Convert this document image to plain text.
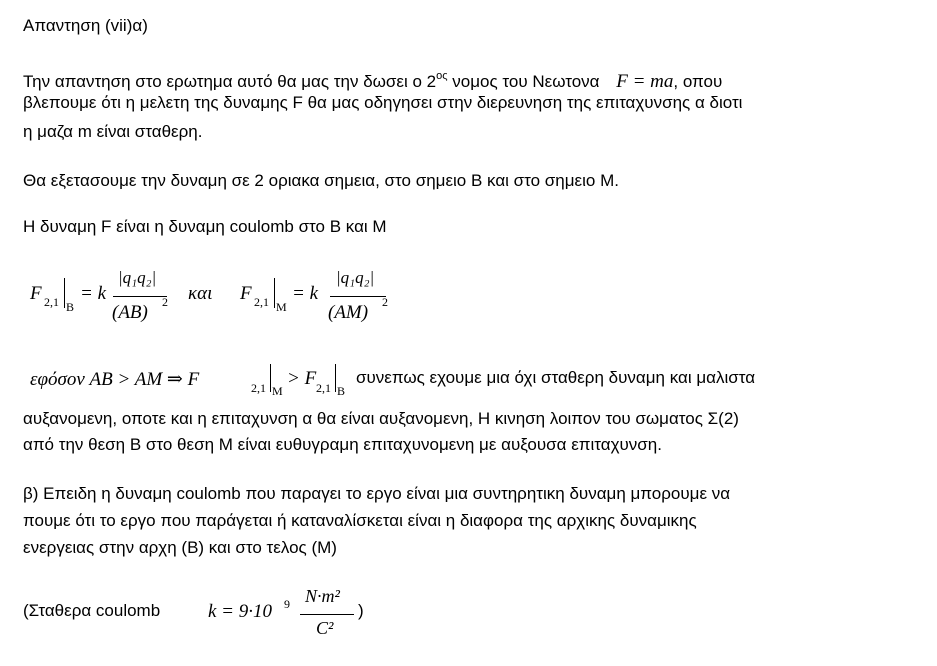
Απαντηση (vii)α)
Την απαντηση στο ερωτημα αυτό θα μας την δωσει ο $2^{o\varsigma}$ νομος του Νεωτονα F = ma, οπου
βλεπουμε ότι η μελετη της δυναμης F θα μας οδηγησει στην διερευνηση της επιταχυνσης α διοτι
η μαζα m είναι σταθερη.
Θα εξετασουμε την δυναμη σε 2 οριακα σημεια, στο σημειο B και στο σημειο Μ.
Η δυναμη F είναι η δυναμη coulomb στο B και Μ
F 2,1 B
= k
|q₁q₂|
(AB) 2 και F 2,1 Μ
= k
|q₁q₂|
(AΜ) 2
εφόσον AB > AΜ ⇒ F	2,1 Μ
> F 2,1 Β
συνεπως εχουμε μια όχι σταθερη δυναμη και μαλιστα
αυξανομενη, οποτε και η επιταχυνση α θα είναι αυξανομενη, Η κινηση λοιπον του σωματος Σ(2)
από την θεση B στο θεση Μ είναι ευθυγραμη επιταχυνομενη με αυξουσα επιταχυνση.
β) Επειδη η δυναμη coulomb που παραγει το εργο είναι μια συντηρητικη δυναμη μπορουμε να
πουμε ότι το εργο που παράγεται ή καταναλίσκεται είναι η διαφορα της αρχικης δυναμικης
ενεργειας στην αρχη (B) και στο τελος (Μ)
(Σταθερα coulomb	k = 9·10 9 N·m²
C²
)
